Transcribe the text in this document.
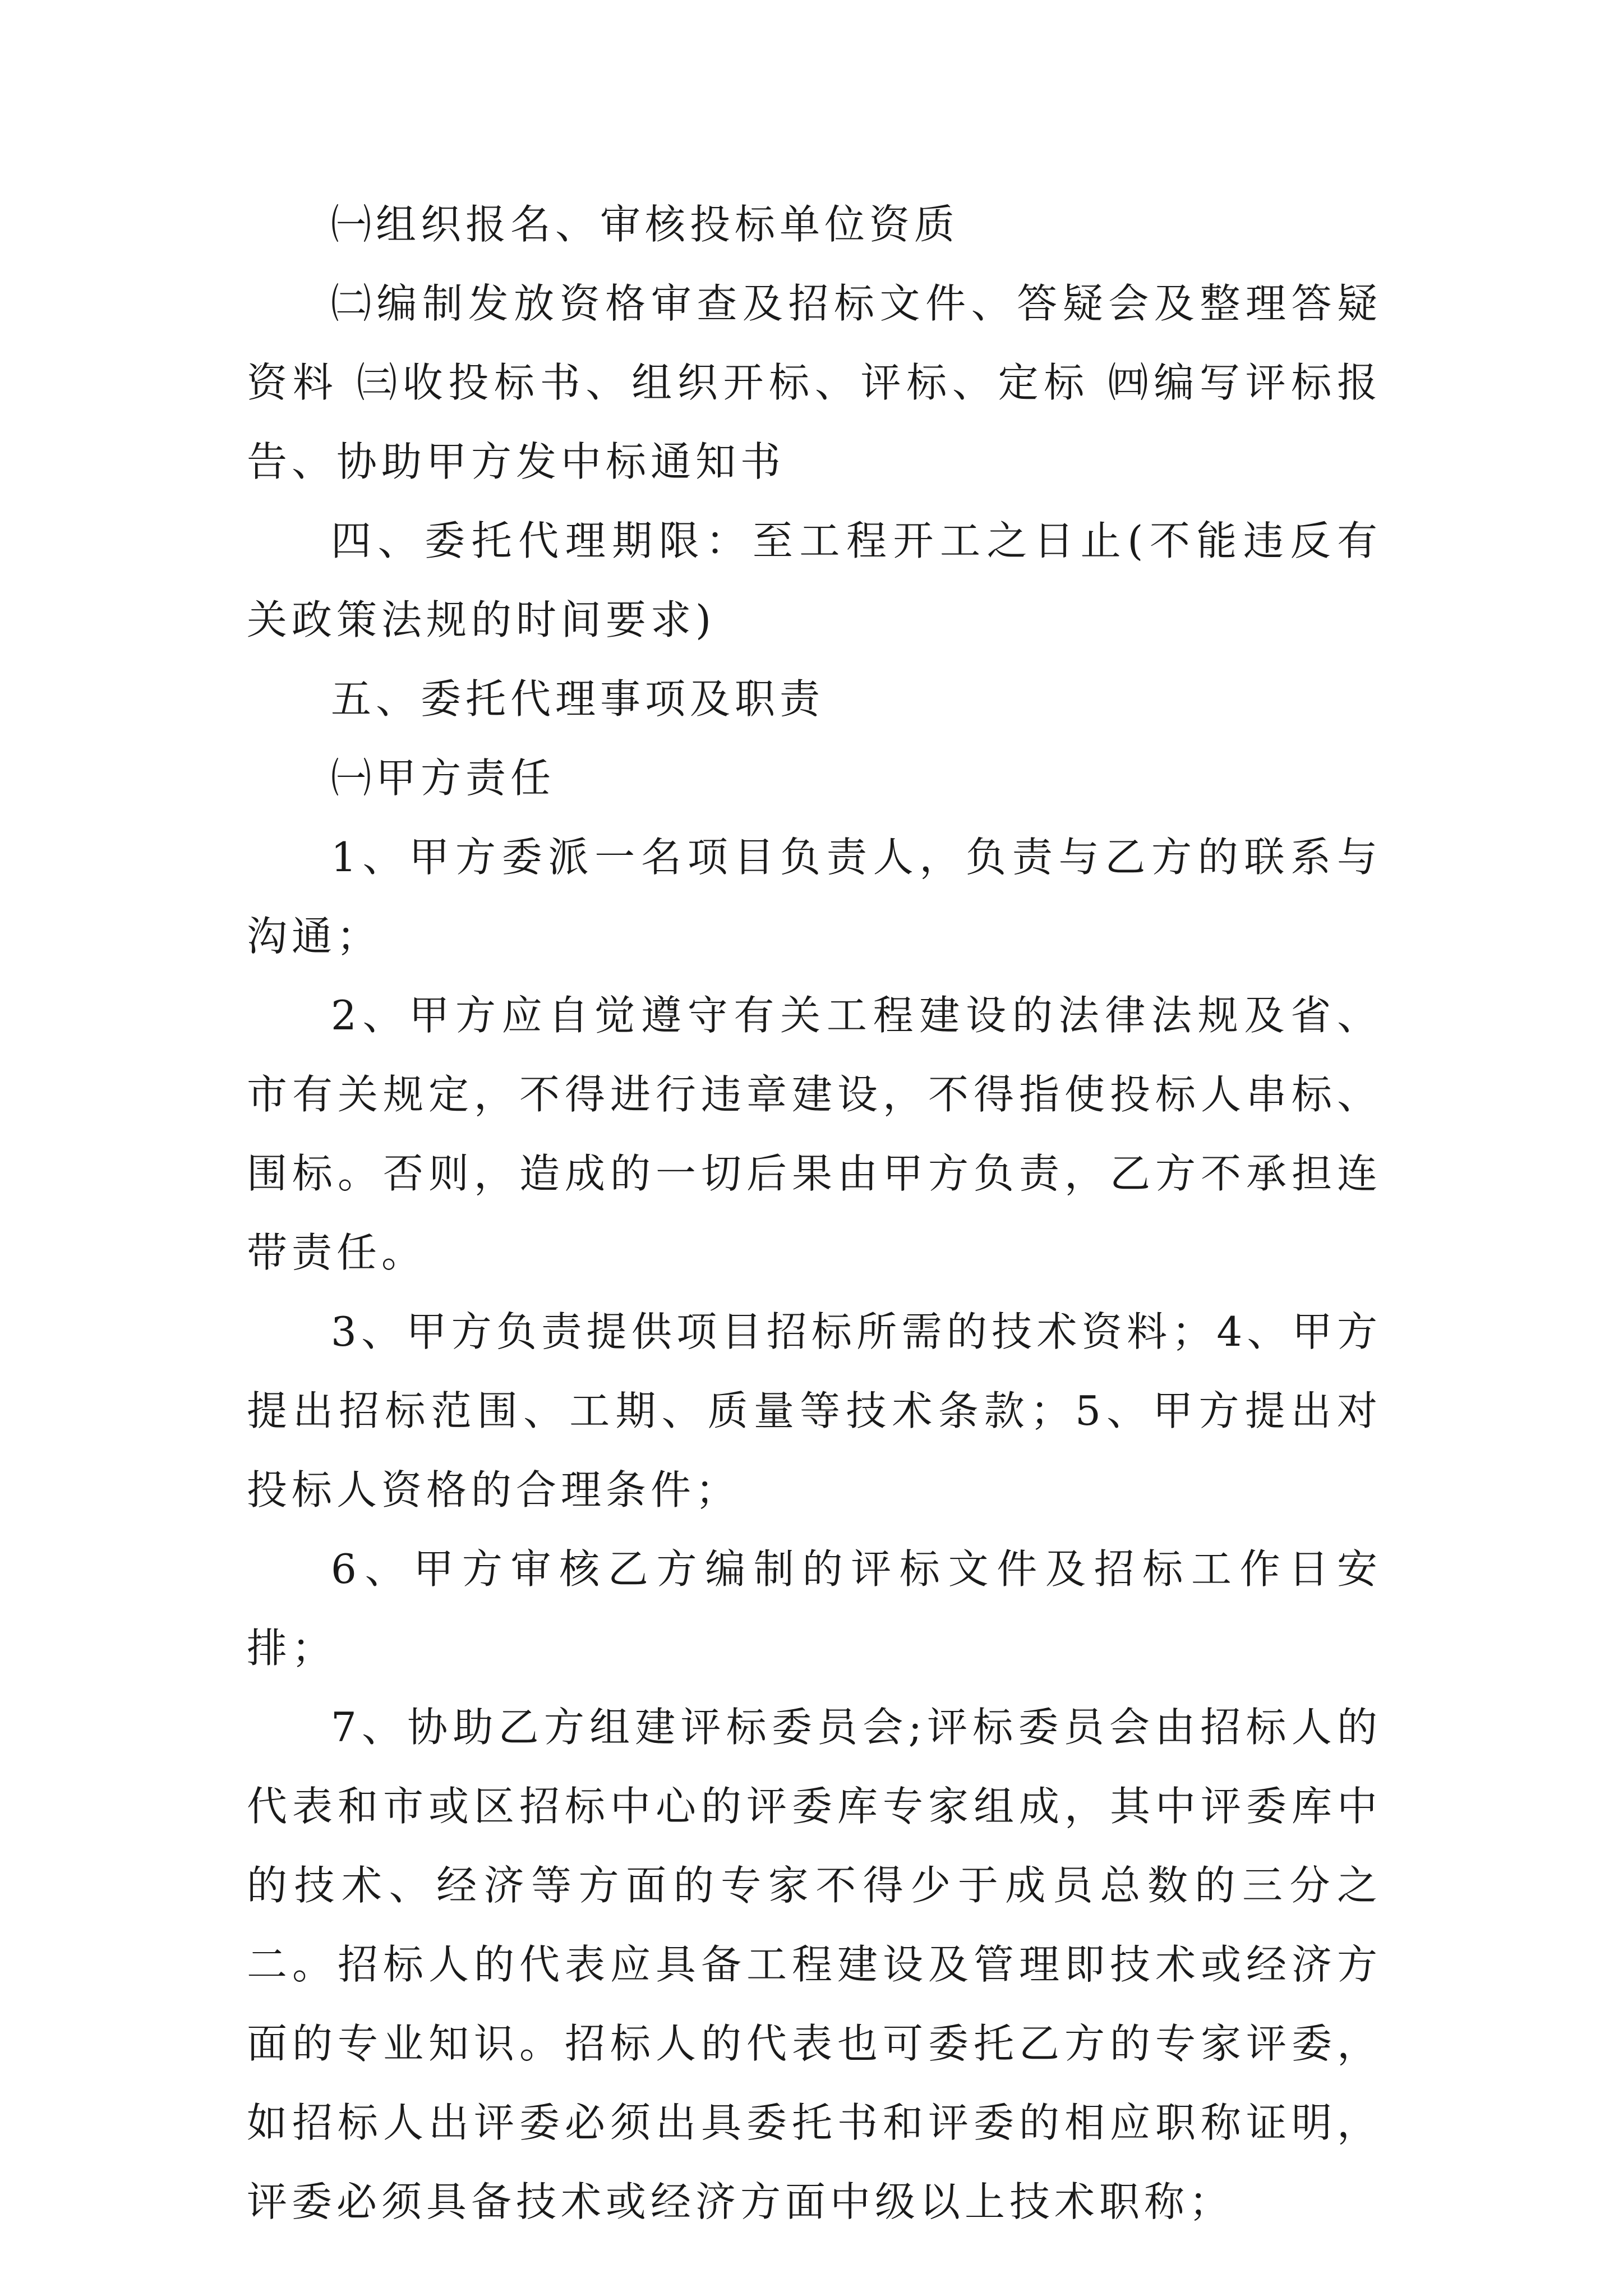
㈠组织报名、审核投标单位资质

㈡编制发放资格审查及招标文件、答疑会及整理答疑资料 ㈢收投标书、组织开标、评标、定标 ㈣编写评标报告、协助甲方发中标通知书

四、委托代理期限：至工程开工之日止(不能违反有关政策法规的时间要求)

五、委托代理事项及职责

㈠甲方责任

1、甲方委派一名项目负责人，负责与乙方的联系与沟通；

2、甲方应自觉遵守有关工程建设的法律法规及省、市有关规定，不得进行违章建设，不得指使投标人串标、围标。否则，造成的一切后果由甲方负责，乙方不承担连带责任。

3、甲方负责提供项目招标所需的技术资料；4、甲方提出招标范围、工期、质量等技术条款；5、甲方提出对投标人资格的合理条件；

6、甲方审核乙方编制的评标文件及招标工作日安排；

7、协助乙方组建评标委员会;评标委员会由招标人的代表和市或区招标中心的评委库专家组成，其中评委库中的技术、经济等方面的专家不得少于成员总数的三分之二。招标人的代表应具备工程建设及管理即技术或经济方面的专业知识。招标人的代表也可委托乙方的专家评委，如招标人出评委必须出具委托书和评委的相应职称证明，评委必须具备技术或经济方面中级以上技术职称；
